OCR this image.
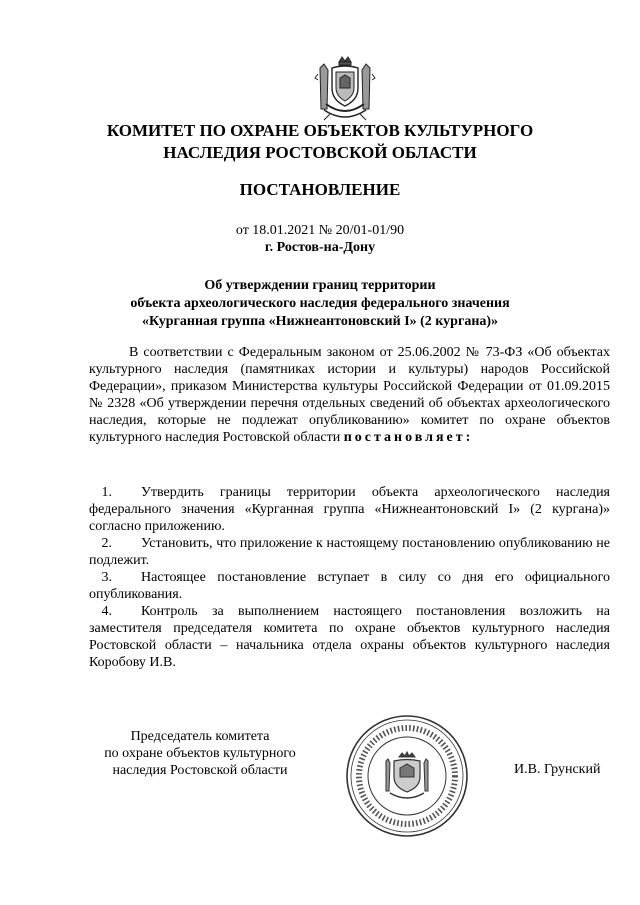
КОМИТЕТ ПО ОХРАНЕ ОБЪЕКТОВ КУЛЬТУРНОГО
НАСЛЕДИЯ РОСТОВСКОЙ ОБЛАСТИ
ПОСТАНОВЛЕНИЕ
от 18.01.2021 № 20/01-01/90
г. Ростов-на-Дону
Об утверждении границ территории
объекта археологического наследия федерального значения
«Курганная группа «Нижнеантоновский I» (2 кургана)»
В соответствии с Федеральным законом от 25.06.2002 № 73-ФЗ «Об объектах культурного наследия (памятниках истории и культуры) народов Российской Федерации», приказом Министерства культуры Российской Федерации от 01.09.2015 № 2328 «Об утверждении перечня отдельных сведений об объектах археологического наследия, которые не подлежат опубликованию» комитет по охране объектов культурного наследия Ростовской области постановляет:
1. Утвердить границы территории объекта археологического наследия федерального значения «Курганная группа «Нижнеантоновский I» (2 кургана)» согласно приложению.
2. Установить, что приложение к настоящему постановлению опубликованию не подлежит.
3. Настоящее постановление вступает в силу со дня его официального опубликования.
4. Контроль за выполнением настоящего постановления возложить на заместителя председателя комитета по охране объектов культурного наследия Ростовской области – начальника отдела охраны объектов культурного наследия Коробову И.В.
Председатель комитета
по охране объектов культурного
наследия Ростовской области	И.В. Грунский
